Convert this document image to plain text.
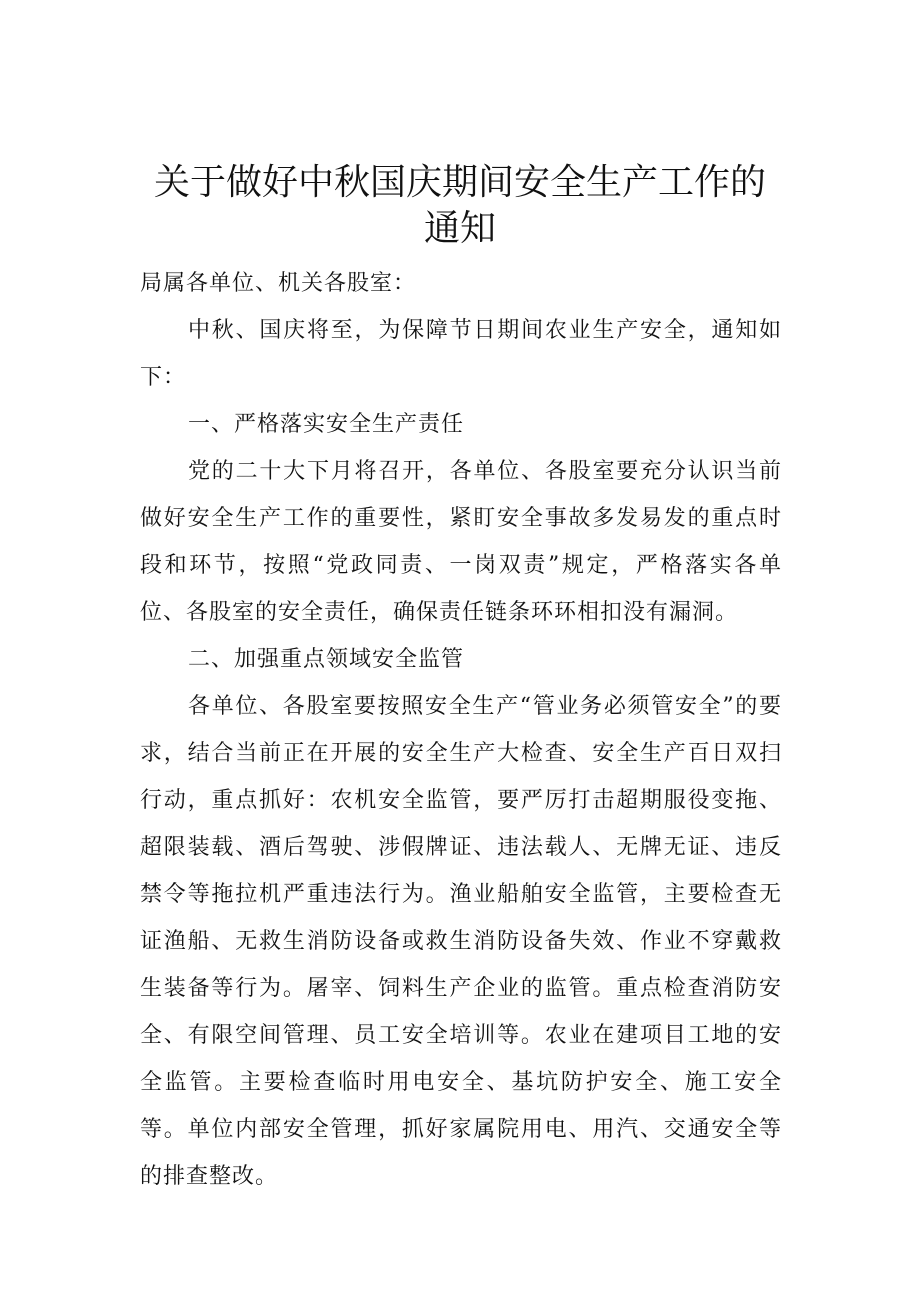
关于做好中秋国庆期间安全生产工作的
通知

局属各单位、机关各股室：

中秋、国庆将至，为保障节日期间农业生产安全，通知如下：

一、严格落实安全生产责任

党的二十大下月将召开，各单位、各股室要充分认识当前做好安全生产工作的重要性，紧盯安全事故多发易发的重点时段和环节，按照“党政同责、一岗双责”规定，严格落实各单位、各股室的安全责任，确保责任链条环环相扣没有漏洞。

二、加强重点领域安全监管

各单位、各股室要按照安全生产“管业务必须管安全”的要求，结合当前正在开展的安全生产大检查、安全生产百日双扫行动，重点抓好：农机安全监管，要严厉打击超期服役变拖、超限装载、酒后驾驶、涉假牌证、违法载人、无牌无证、违反禁令等拖拉机严重违法行为。渔业船舶安全监管，主要检查无证渔船、无救生消防设备或救生消防设备失效、作业不穿戴救生装备等行为。屠宰、饲料生产企业的监管。重点检查消防安全、有限空间管理、员工安全培训等。农业在建项目工地的安全监管。主要检查临时用电安全、基坑防护安全、施工安全等。单位内部安全管理，抓好家属院用电、用汽、交通安全等的排查整改。
